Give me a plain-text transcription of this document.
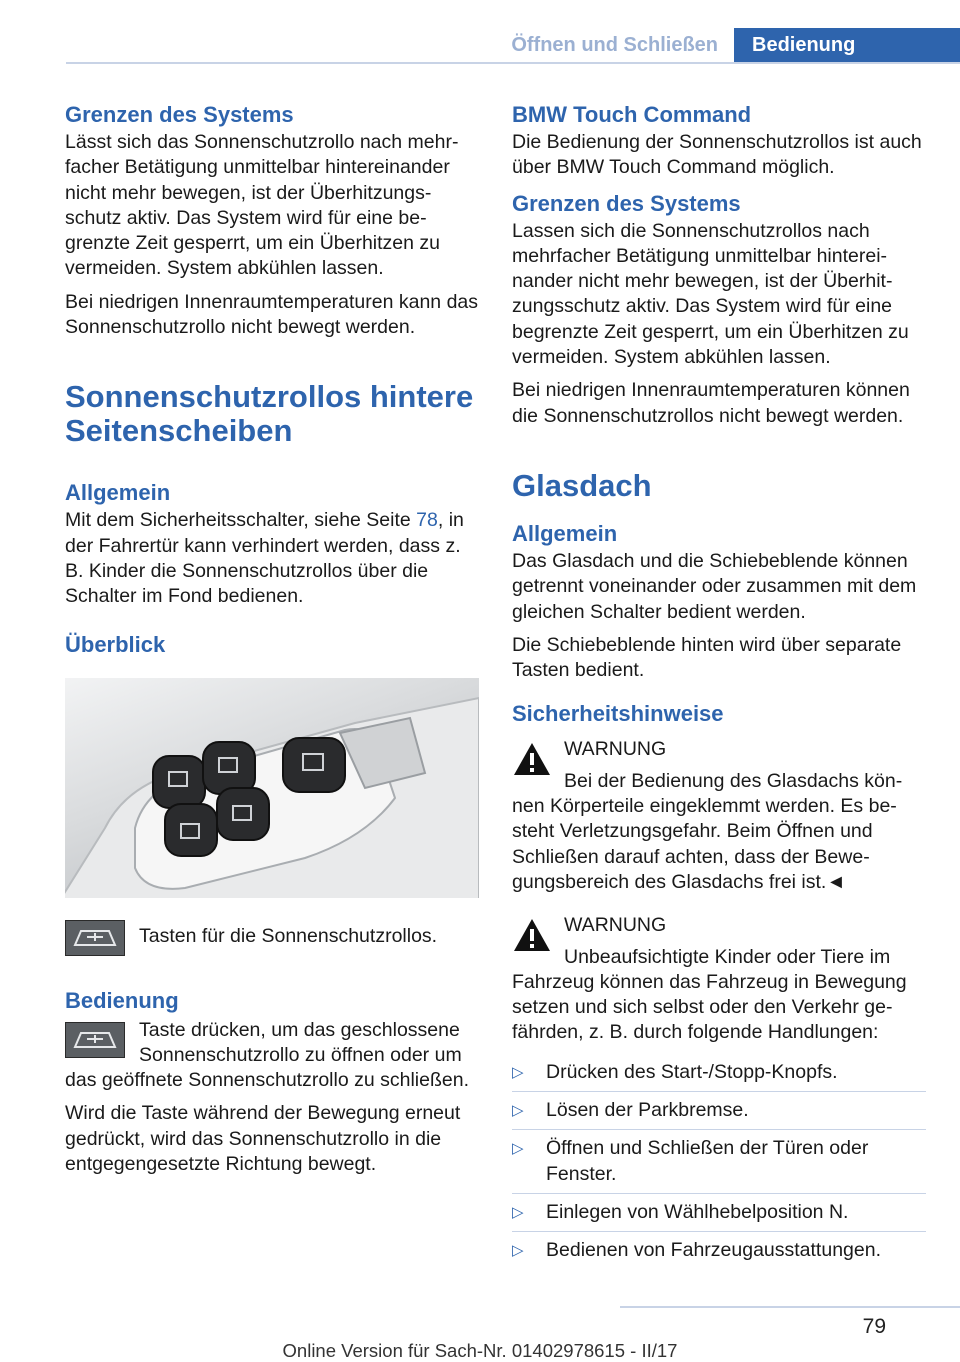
Öffnen und Schließen	Bedienung
Grenzen des Systems

Lässt sich das Sonnenschutzrollo nach mehr-facher Betätigung unmittelbar hintereinander nicht mehr bewegen, ist der Überhitzungs-schutz aktiv. Das System wird für eine be-grenzte Zeit gesperrt, um ein Überhitzen zu vermeiden. System abkühlen lassen.

Bei niedrigen Innenraumtemperaturen kann das Sonnenschutzrollo nicht bewegt werden.

Sonnenschutzrollos hintere Seitenscheiben
Allgemein

Mit dem Sicherheitsschalter, siehe Seite 78, in der Fahrertür kann verhindert werden, dass z. B. Kinder die Sonnenschutzrollos über die Schalter im Fond bedienen.

Überblick
Tasten für die Sonnenschutzrollos.
Bedienung

Taste drücken, um das geschlossene Sonnenschutzrollo zu öffnen oder um das geöffnete Sonnenschutzrollo zu schließen.

Wird die Taste während der Bewegung erneut gedrückt, wird das Sonnenschutzrollo in die entgegengesetzte Richtung bewegt.

BMW Touch Command

Die Bedienung der Sonnenschutzrollos ist auch über BMW Touch Command möglich.

Grenzen des Systems

Lassen sich die Sonnenschutzrollos nach mehrfacher Betätigung unmittelbar hinterei-nander nicht mehr bewegen, ist der Überhit-zungsschutz aktiv. Das System wird für eine begrenzte Zeit gesperrt, um ein Überhitzen zu vermeiden. System abkühlen lassen.

Bei niedrigen Innenraumtemperaturen können die Sonnenschutzrollos nicht bewegt werden.

Glasdach
Allgemein

Das Glasdach und die Schiebeblende können getrennt voneinander oder zusammen mit dem gleichen Schalter bedient werden.

Die Schiebeblende hinten wird über separate Tasten bedient.

Sicherheitshinweise

WARNUNG

Bei der Bedienung des Glasdachs kön-nen Körperteile eingeklemmt werden. Es be-steht Verletzungsgefahr. Beim Öffnen und Schließen darauf achten, dass der Bewe-gungsbereich des Glasdachs frei ist.◄

WARNUNG

Unbeaufsichtigte Kinder oder Tiere im Fahrzeug können das Fahrzeug in Bewegung setzen und sich selbst oder den Verkehr ge-fährden, z. B. durch folgende Handlungen:

▷ Drücken des Start-/Stopp-Knopfs.
▷ Lösen der Parkbremse.
▷ Öffnen und Schließen der Türen oder Fenster.
▷ Einlegen von Wählhebelposition N.
▷ Bedienen von Fahrzeugausstattungen.
79
Online Version für Sach-Nr. 01402978615 - II/17
